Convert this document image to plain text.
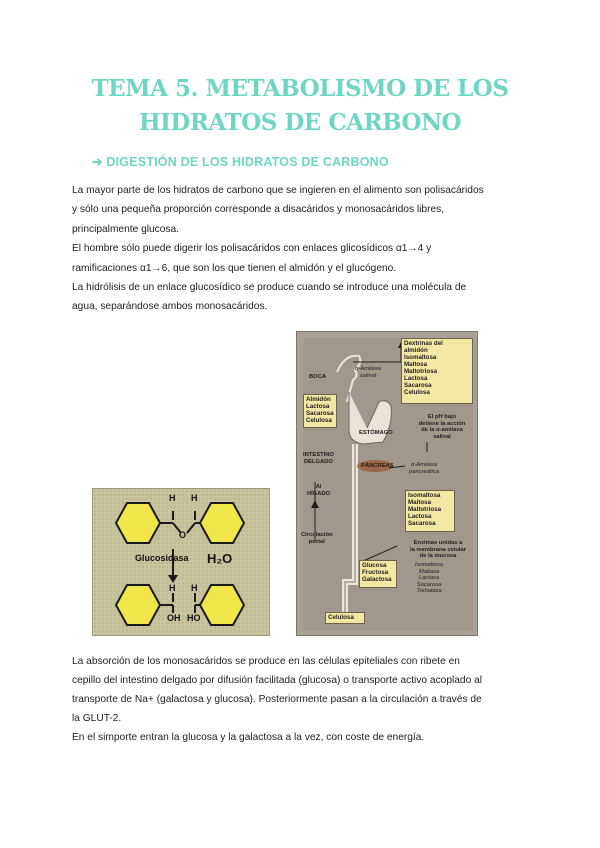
TEMA 5. METABOLISMO DE LOS
HIDRATOS DE CARBONO
➔ DIGESTIÓN DE LOS HIDRATOS DE CARBONO

La mayor parte de los hidratos de carbono que se ingieren en el alimento son polisacáridos

y sólo una pequeña proporción corresponde a disacáridos y monosacáridos libres,

principalmente glucosa.

El hombre sólo puede digerir los polisacáridos con enlaces glicosídicos α1→4 y

ramificaciones α1→6, que son los que tienen el almidón y el glucógeno.

La hidrólisis de un enlace glucosídico se produce cuando se introduce una molécula de

agua, separándose ambos monosacáridos.

H H
O
Glucosidasa H₂O
H H
OH HO
Dextrinas del
almidón
Isomaltosa
Maltosa
Maltotriosa
Lactosa
Sacarosa
Celulosa
Almidón
Lactosa
Sacarosa
Celulosa
Isomaltosa
Maltosa
Maltotriosa
Lactosa
Sacarosa
Glucosa
Fructosa
Galactosa
Celulosa
α-Amilasa
salival
BOCA
ESTÓMAGO
El pH bajo
detiene la acción
de la α-amilasa
salival
INTESTINO
DELGADO
PÁNCREAS	α-Amilasa
pancreática
Al
HÍGADO
Circulación
portal	Enzimas unidas a
la membrana celular
de la mucosa
Isomaltasa
Maltasa
Lactasa
Sacarasa
Trehalasa

La absorción de los monosacáridos se produce en las células epiteliales con ribete en

cepillo del intestino delgado por difusión facilitada (glucosa) o transporte activo acoplado al

transporte de Na+ (galactosa y glucosa). Posteriormente pasan a la circulación a través de

la GLUT-2.

En el simporte entran la glucosa y la galactosa a la vez, con coste de energía.
